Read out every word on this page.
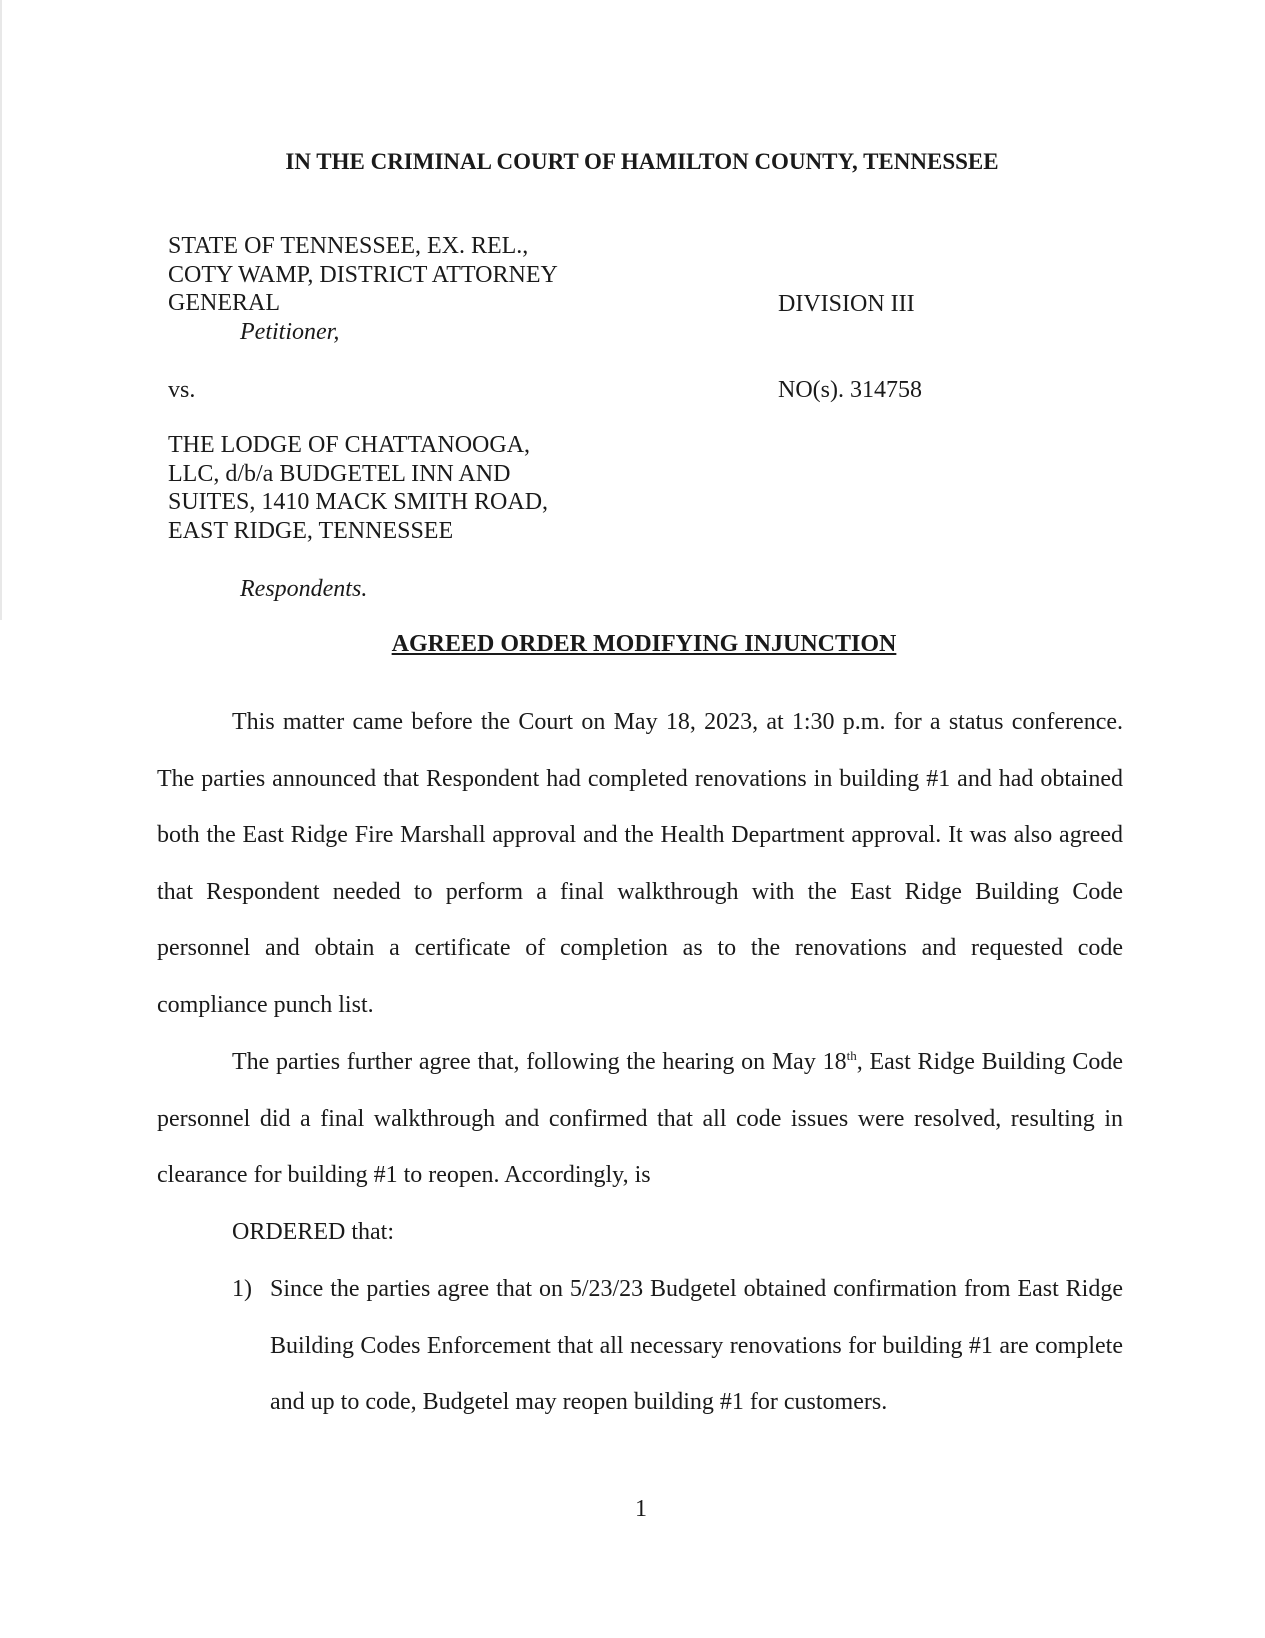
IN THE CRIMINAL COURT OF HAMILTON COUNTY, TENNESSEE
STATE OF TENNESSEE, EX. REL.,
COTY WAMP, DISTRICT ATTORNEY
GENERAL
Petitioner,
DIVISION III
vs.	NO(s). 314758
THE LODGE OF CHATTANOOGA,
LLC, d/b/a BUDGETEL INN AND
SUITES, 1410 MACK SMITH ROAD,
EAST RIDGE, TENNESSEE
Respondents.
AGREED ORDER MODIFYING INJUNCTION
This matter came before the Court on May 18, 2023, at 1:30 p.m. for a status conference. The parties announced that Respondent had completed renovations in building #1 and had obtained both the East Ridge Fire Marshall approval and the Health Department approval. It was also agreed that Respondent needed to perform a final walkthrough with the East Ridge Building Code personnel and obtain a certificate of completion as to the renovations and requested code compliance punch list.
The parties further agree that, following the hearing on May 18th, East Ridge Building Code personnel did a final walkthrough and confirmed that all code issues were resolved, resulting in clearance for building #1 to reopen. Accordingly, is
ORDERED that:
1) Since the parties agree that on 5/23/23 Budgetel obtained confirmation from East Ridge Building Codes Enforcement that all necessary renovations for building #1 are complete and up to code, Budgetel may reopen building #1 for customers.
1
